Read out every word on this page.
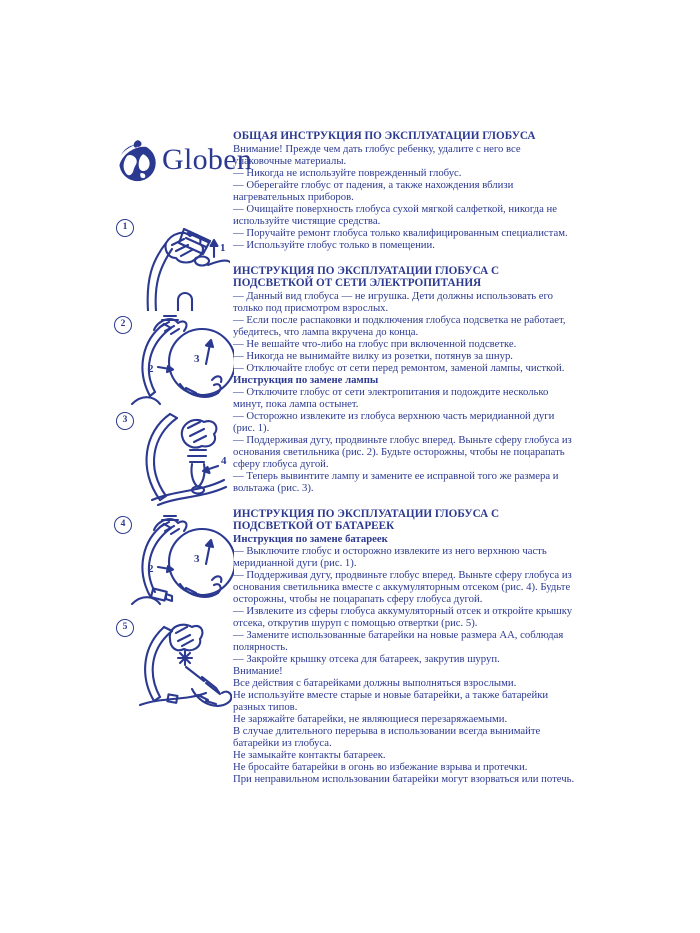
Globen
1
1
2
2
3
3
4
4
2
3
5
ОБЩАЯ ИНСТРУКЦИЯ ПО ЭКСПЛУАТАЦИИ ГЛОБУСА

Внимание! Прежде чем дать глобус ребенку, удалите с него все упаковочные материалы.

— Никогда не используйте поврежденный глобус.

— Оберегайте глобус от падения, а также нахождения вблизи нагревательных приборов.

— Очищайте поверхность глобуса сухой мягкой салфеткой, никогда не используйте чистящие средства.

— Поручайте ремонт глобуса только квалифицированным специалистам.

— Используйте глобус только в помещении.

ИНСТРУКЦИЯ ПО ЭКСПЛУАТАЦИИ ГЛОБУСА С ПОДСВЕТКОЙ ОТ СЕТИ ЭЛЕКТРОПИТАНИЯ

— Данный вид глобуса — не игрушка. Дети должны использовать его только под присмотром взрослых.

— Если после распаковки и подключения глобуса подсветка не работает, убедитесь, что лампа вкручена до конца.

— Не вешайте что-либо на глобус при включенной подсветке.

— Никогда не вынимайте вилку из розетки, потянув за шнур.

— Отключайте глобус от сети перед ремонтом, заменой лампы, чисткой.

Инструкция по замене лампы

— Отключите глобус от сети электропитания и подождите несколько минут, пока лампа остынет.

— Осторожно извлеките из глобуса верхнюю часть меридианной дуги (рис. 1).

— Поддерживая дугу, продвиньте глобус вперед. Выньте сферу глобуса из основания светильника (рис. 2). Будьте осторожны, чтобы не поцарапать сферу глобуса дугой.

— Теперь вывинтите лампу и замените ее исправной того же размера и вольтажа (рис. 3).

ИНСТРУКЦИЯ ПО ЭКСПЛУАТАЦИИ ГЛОБУСА С ПОДСВЕТКОЙ ОТ БАТАРЕЕК
Инструкция по замене батареек

— Выключите глобус и осторожно извлеките из него верхнюю часть меридианной дуги (рис. 1).

— Поддерживая дугу, продвиньте глобус вперед. Выньте сферу глобуса из основания светильника вместе с аккумуляторным отсеком (рис. 4). Будьте осторожны, чтобы не поцарапать сферу глобуса дугой.

— Извлеките из сферы глобуса аккумуляторный отсек и откройте крышку отсека, открутив шуруп с помощью отвертки (рис. 5).

— Замените использованные батарейки на новые размера АА, соблюдая полярность.

— Закройте крышку отсека для батареек, закрутив шуруп.

Внимание!

Все действия с батарейками должны выполняться взрослыми.

Не используйте вместе старые и новые батарейки, а также батарейки разных типов.

Не заряжайте батарейки, не являющиеся перезаряжаемыми.

В случае длительного перерыва в использовании всегда вынимайте батарейки из глобуса.

Не замыкайте контакты батареек.

Не бросайте батарейки в огонь во избежание взрыва и протечки.

При неправильном использовании батарейки могут взорваться или потечь.
